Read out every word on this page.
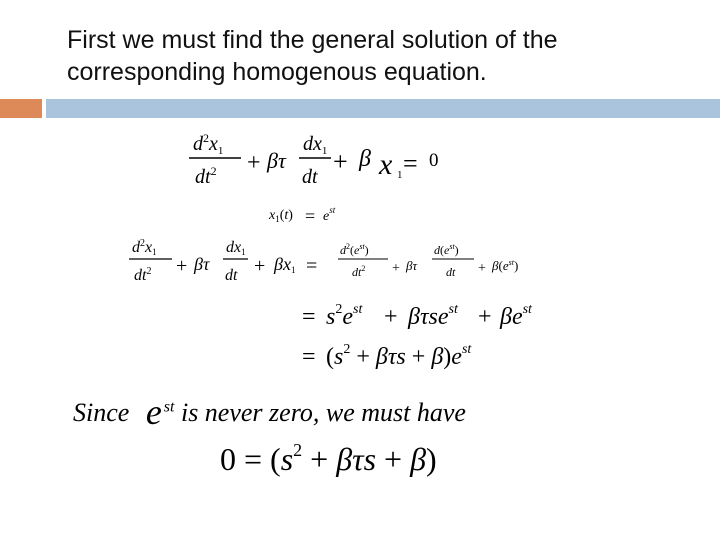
First we must find the general solution of the
corresponding homogenous equation.
$d^2x_1$
$dt^2 + \beta\tau$
$dx_1$
dt
+ β x 1 = 0
$x_1(t) = e^{st}$
$d^2x1$
$dt^2 + \beta\tau$
dx1
dt + βx1 =
$d^2(e^{st})$
$dt^2 + \beta\tau$
$d(e^{st})$
dt + $\beta(e^{st})$
= $s^2e^{st} + \beta\tau se^{st} + \beta e^{st}$
= $(s^2 + \beta\tau s + \beta)e^{st}$
Since e $^{st}$ is never zero, we must have
$0 = (s^2 + \beta\tau s + \beta)$
